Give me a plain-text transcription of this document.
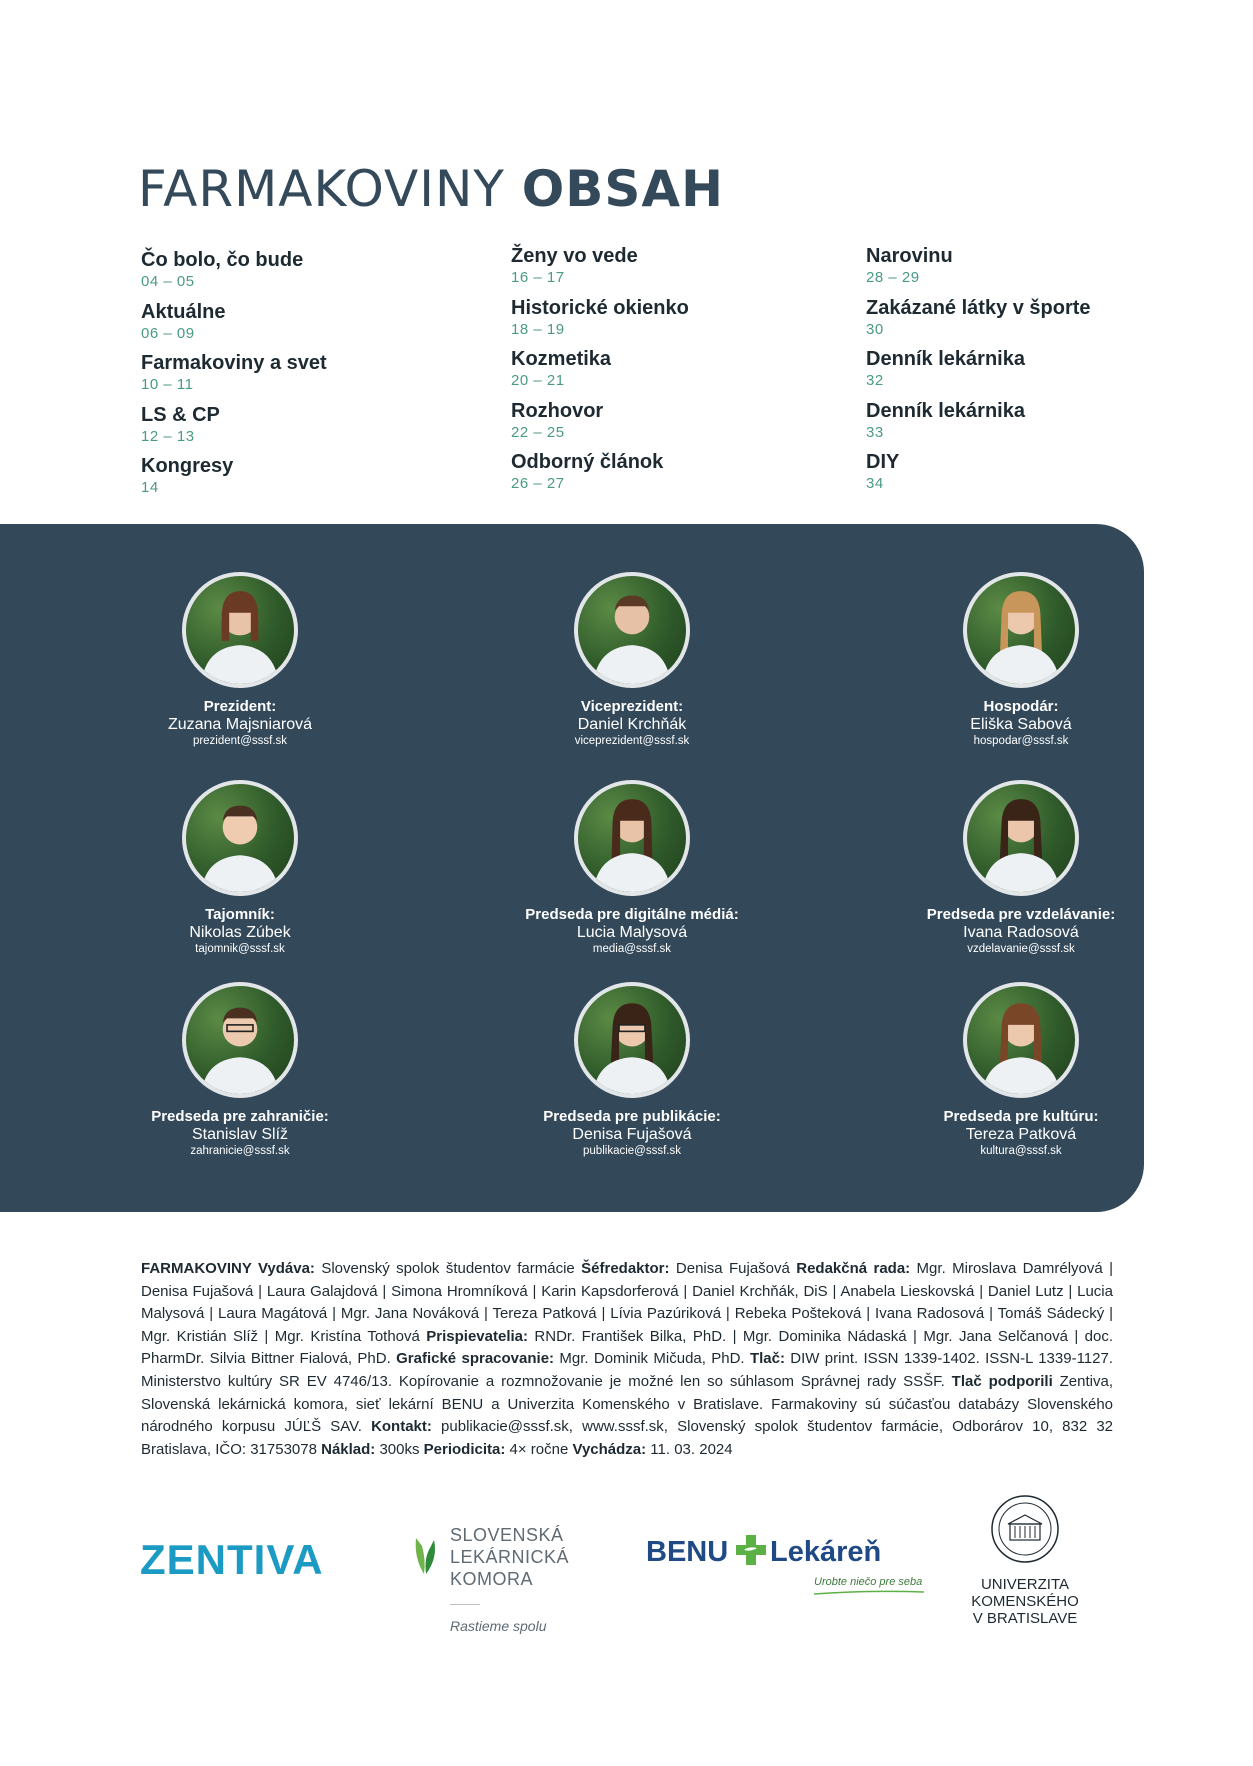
FARMAKOVINY OBSAH
Čo bolo, čo bude
04 – 05
Aktuálne
06 – 09
Farmakoviny a svet
10 – 11
LS & CP
12 – 13
Kongresy
14
Ženy vo vede
16 – 17
Historické okienko
18 – 19
Kozmetika
20 – 21
Rozhovor
22 – 25
Odborný článok
26 – 27
Narovinu
28 – 29
Zakázané látky v športe
30
Denník lekárnika
32
Denník lekárnika
33
DIY
34
Prezident:
Zuzana Majsniarová
prezident@sssf.sk
Viceprezident:
Daniel Krchňák
viceprezident@sssf.sk
Hospodár:
Eliška Sabová
hospodar@sssf.sk
Tajomník:
Nikolas Zúbek
tajomnik@sssf.sk
Predseda pre digitálne médiá:
Lucia Malysová
media@sssf.sk
Predseda pre vzdelávanie:
Ivana Radosová
vzdelavanie@sssf.sk
Predseda pre zahraničie:
Stanislav Slíž
zahranicie@sssf.sk
Predseda pre publikácie:
Denisa Fujašová
publikacie@sssf.sk
Predseda pre kultúru:
Tereza Patková
kultura@sssf.sk

FARMAKOVINY Vydáva: Slovenský spolok študentov farmácie Šéfredaktor: Denisa Fujašová Redakčná rada: Mgr. Miroslava Damrélyová | Denisa Fujašová | Laura Galajdová | Simona Hromníková | Karin Kapsdorferová | Daniel Krchňák, DiS | Anabela Lieskovská | Daniel Lutz | Lucia Malysová | Laura Magátová | Mgr. Jana Nováková | Tereza Patková | Lívia Pazúriková | Rebeka Pošteková | Ivana Radosová | Tomáš Sádecký | Mgr. Kristián Slíž | Mgr. Kristína Tothová Prispievatelia: RNDr. František Bilka, PhD. | Mgr. Dominika Nádaská | Mgr. Jana Selčanová | doc. PharmDr. Silvia Bittner Fialová, PhD. Grafické spracovanie: Mgr. Dominik Mičuda, PhD. Tlač: DIW print. ISSN 1339-1402. ISSN-L 1339-1127. Ministerstvo kultúry SR EV 4746/13. Kopírovanie a rozmnožovanie je možné len so súhlasom Správnej rady SSŠF. Tlač podporili Zentiva, Slovenská lekárnická komora, sieť lekární BENU a Univerzita Komenského v Bratislave. Farmakoviny sú súčasťou databázy Slovenského národného korpusu JÚĽŠ SAV. Kontakt: publikacie@sssf.sk, www.sssf.sk, Slovenský spolok študentov farmácie, Odborárov 10, 832 32 Bratislava, IČO: 31753078 Náklad: 300ks Periodicita: 4× ročne Vychádza: 11. 03. 2024

ZENTIVA
SLOVENSKÁ
LEKÁRNICKÁ
KOMORA
Rastieme spolu
BENU Lekáreň
Urobte niečo pre seba	UNIVERZITA
KOMENSKÉHO
V BRATISLAVE
